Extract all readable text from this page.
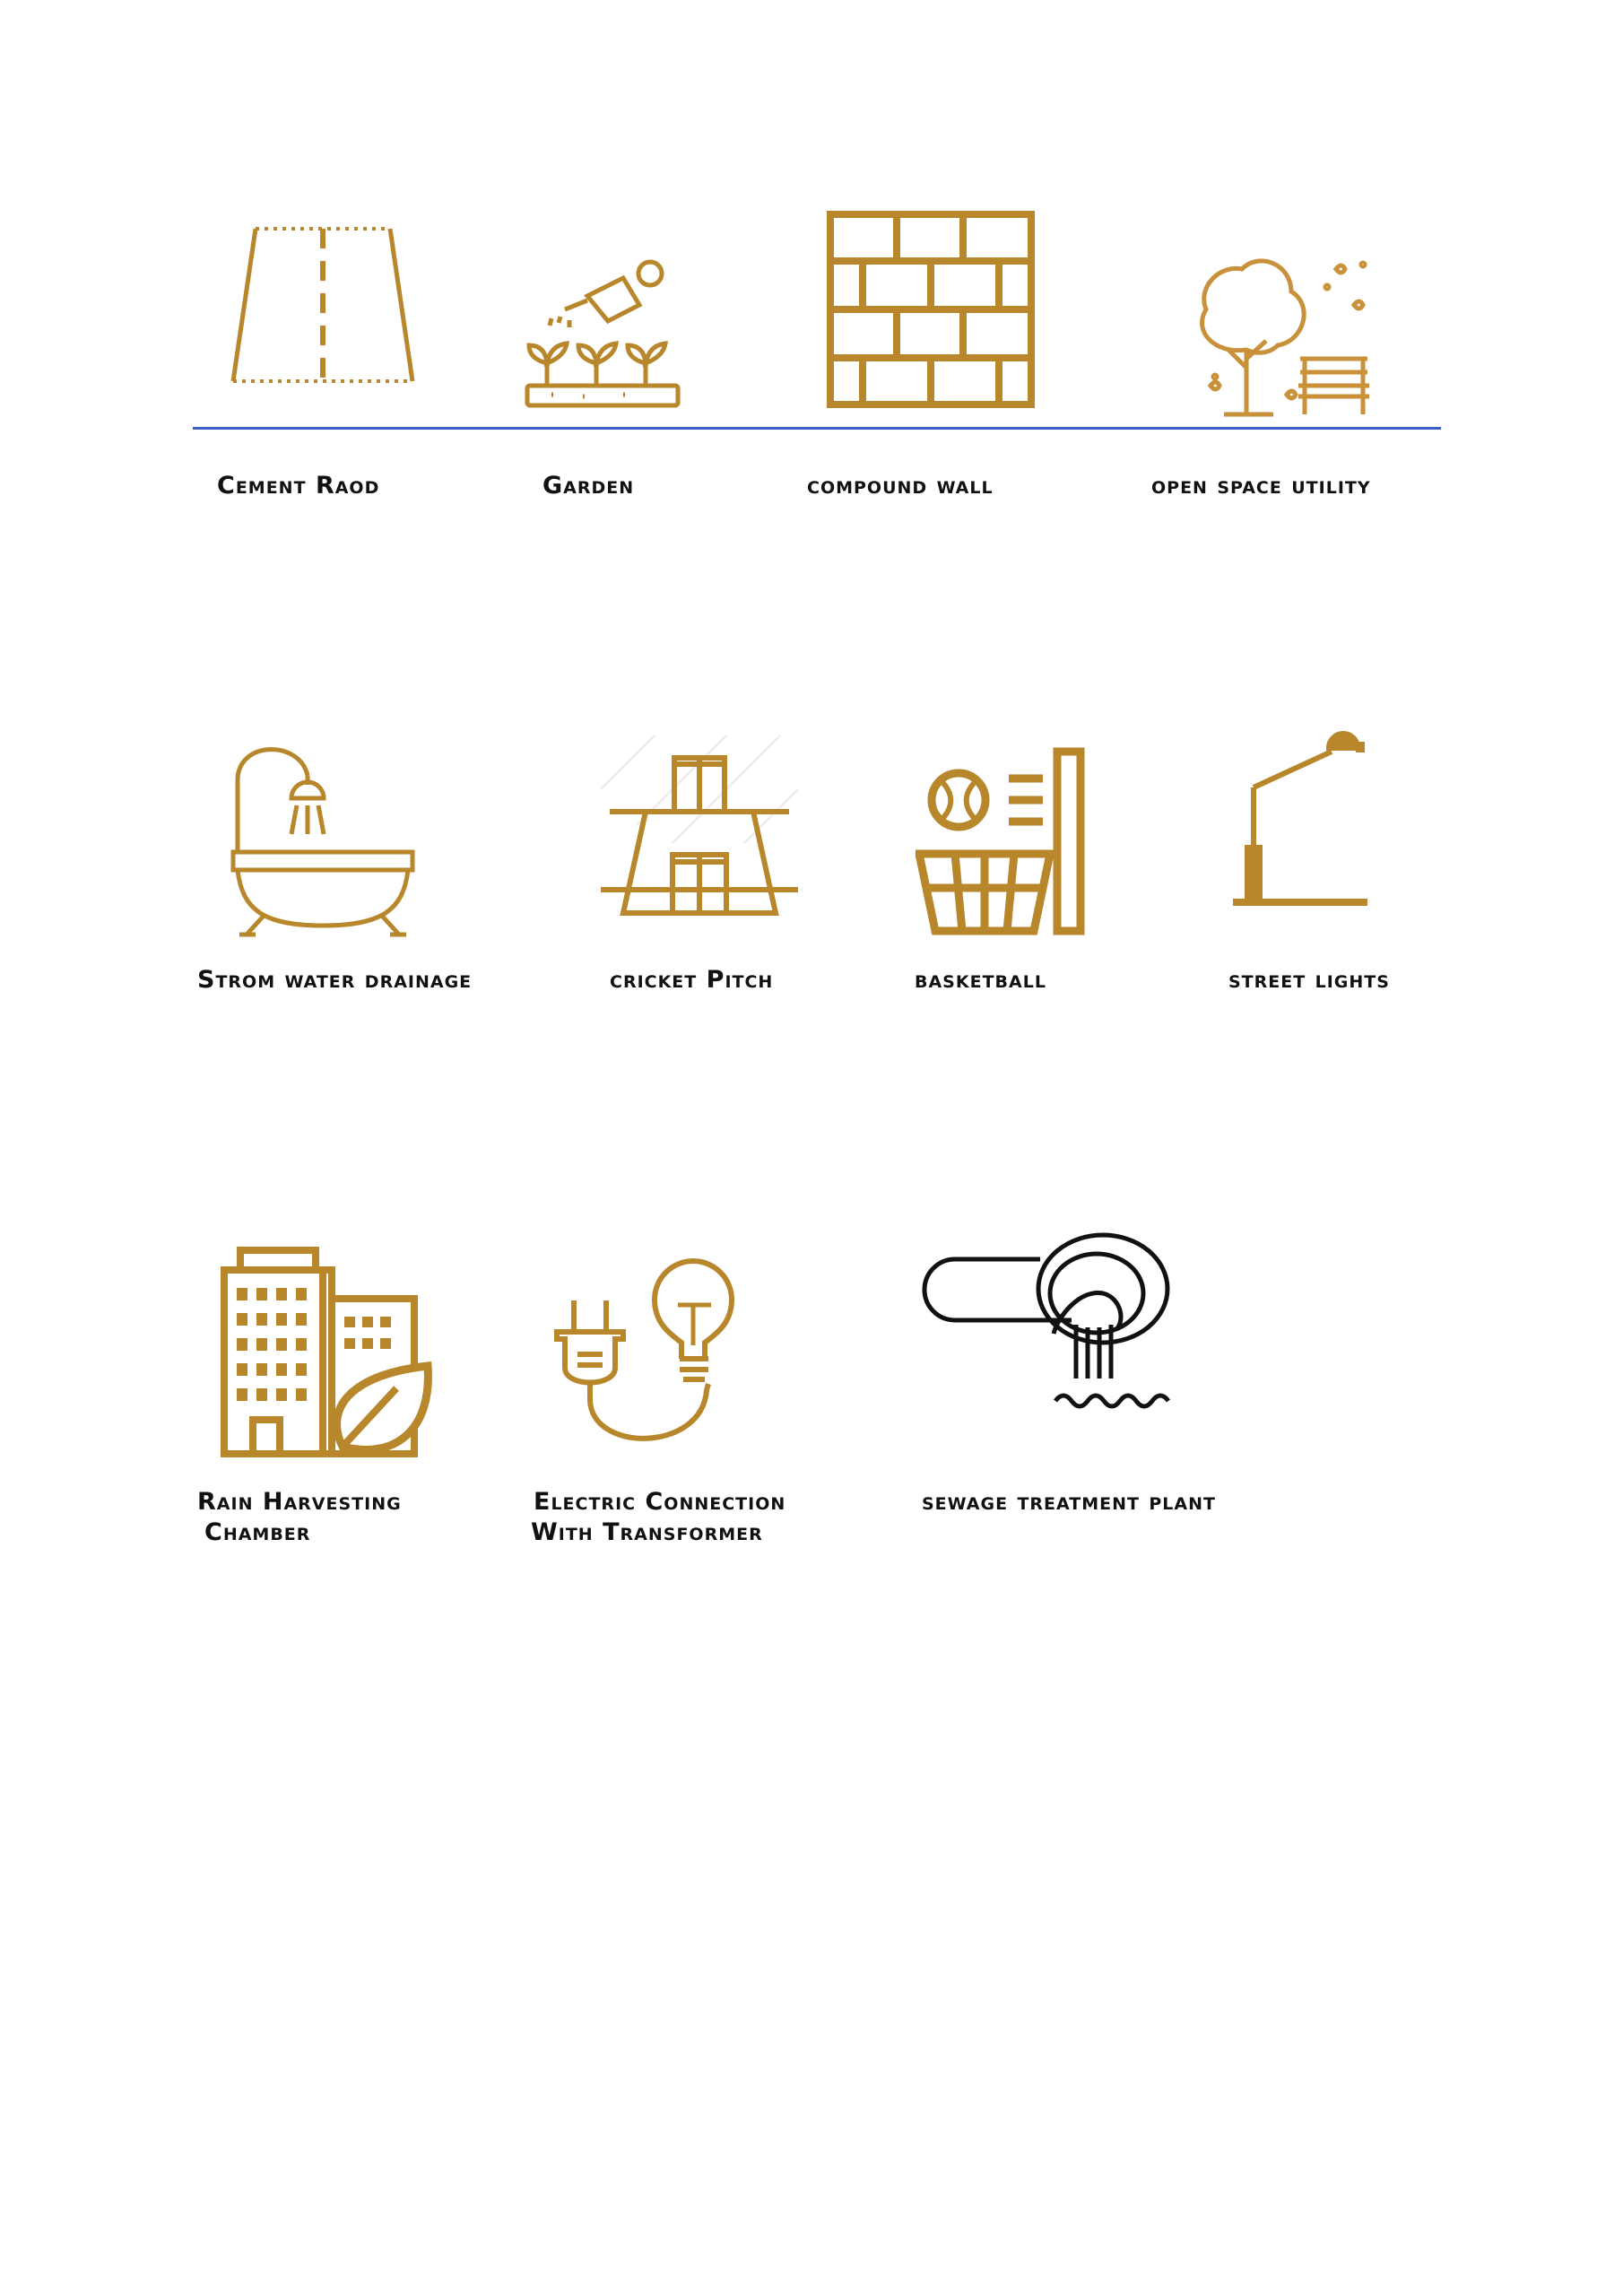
Cement Raod	Garden	compound wall	open space utility
Strom water drainage	cricket Pitch	basketball	street lights
Rain Harvesting
Chamber
Electric Connection
With Transformer
sewage treatment plant
